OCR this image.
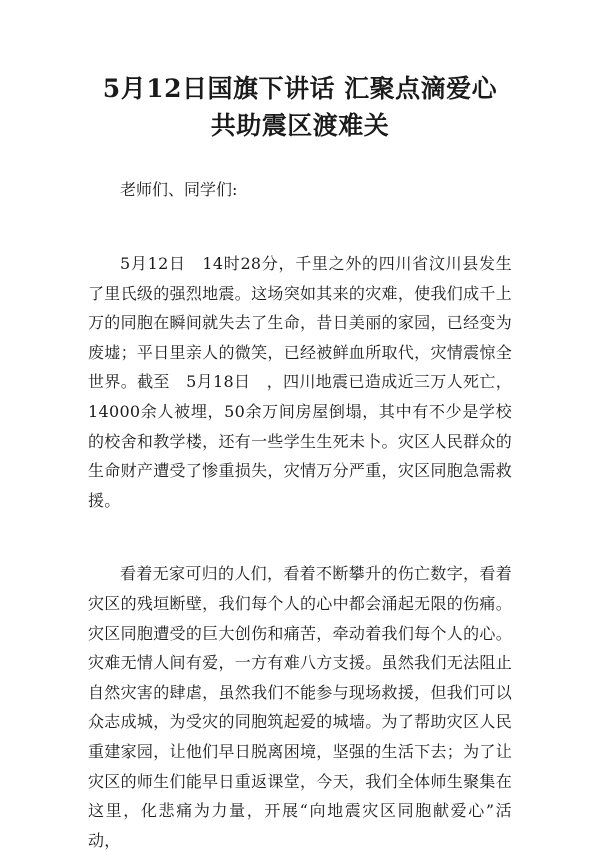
5月12日国旗下讲话 汇聚点滴爱心　共助震区渡难关
老师们、同学们:

5月12日　14时28分，千里之外的四川省汶川县发生了里氏级的强烈地震。这场突如其来的灾难，使我们成千上万的同胞在瞬间就失去了生命，昔日美丽的家园，已经变为废墟；平日里亲人的微笑，已经被鲜血所取代，灾情震惊全世界。截至　5月18日　，四川地震已造成近三万人死亡，14000余人被埋，50余万间房屋倒塌，其中有不少是学校的校舍和教学楼，还有一些学生生死未卜。灾区人民群众的生命财产遭受了惨重损失，灾情万分严重，灾区同胞急需救援。

看着无家可归的人们，看着不断攀升的伤亡数字，看着灾区的残垣断壁，我们每个人的心中都会涌起无限的伤痛。灾区同胞遭受的巨大创伤和痛苦，牵动着我们每个人的心。灾难无情人间有爱，一方有难八方支援。虽然我们无法阻止自然灾害的肆虐，虽然我们不能参与现场救援，但我们可以众志成城，为受灾的同胞筑起爱的城墙。为了帮助灾区人民重建家园，让他们早日脱离困境，坚强的生活下去；为了让灾区的师生们能早日重返课堂，今天，我们全体师生聚集在这里，化悲痛为力量，开展“向地震灾区同胞献爱心”活动，
